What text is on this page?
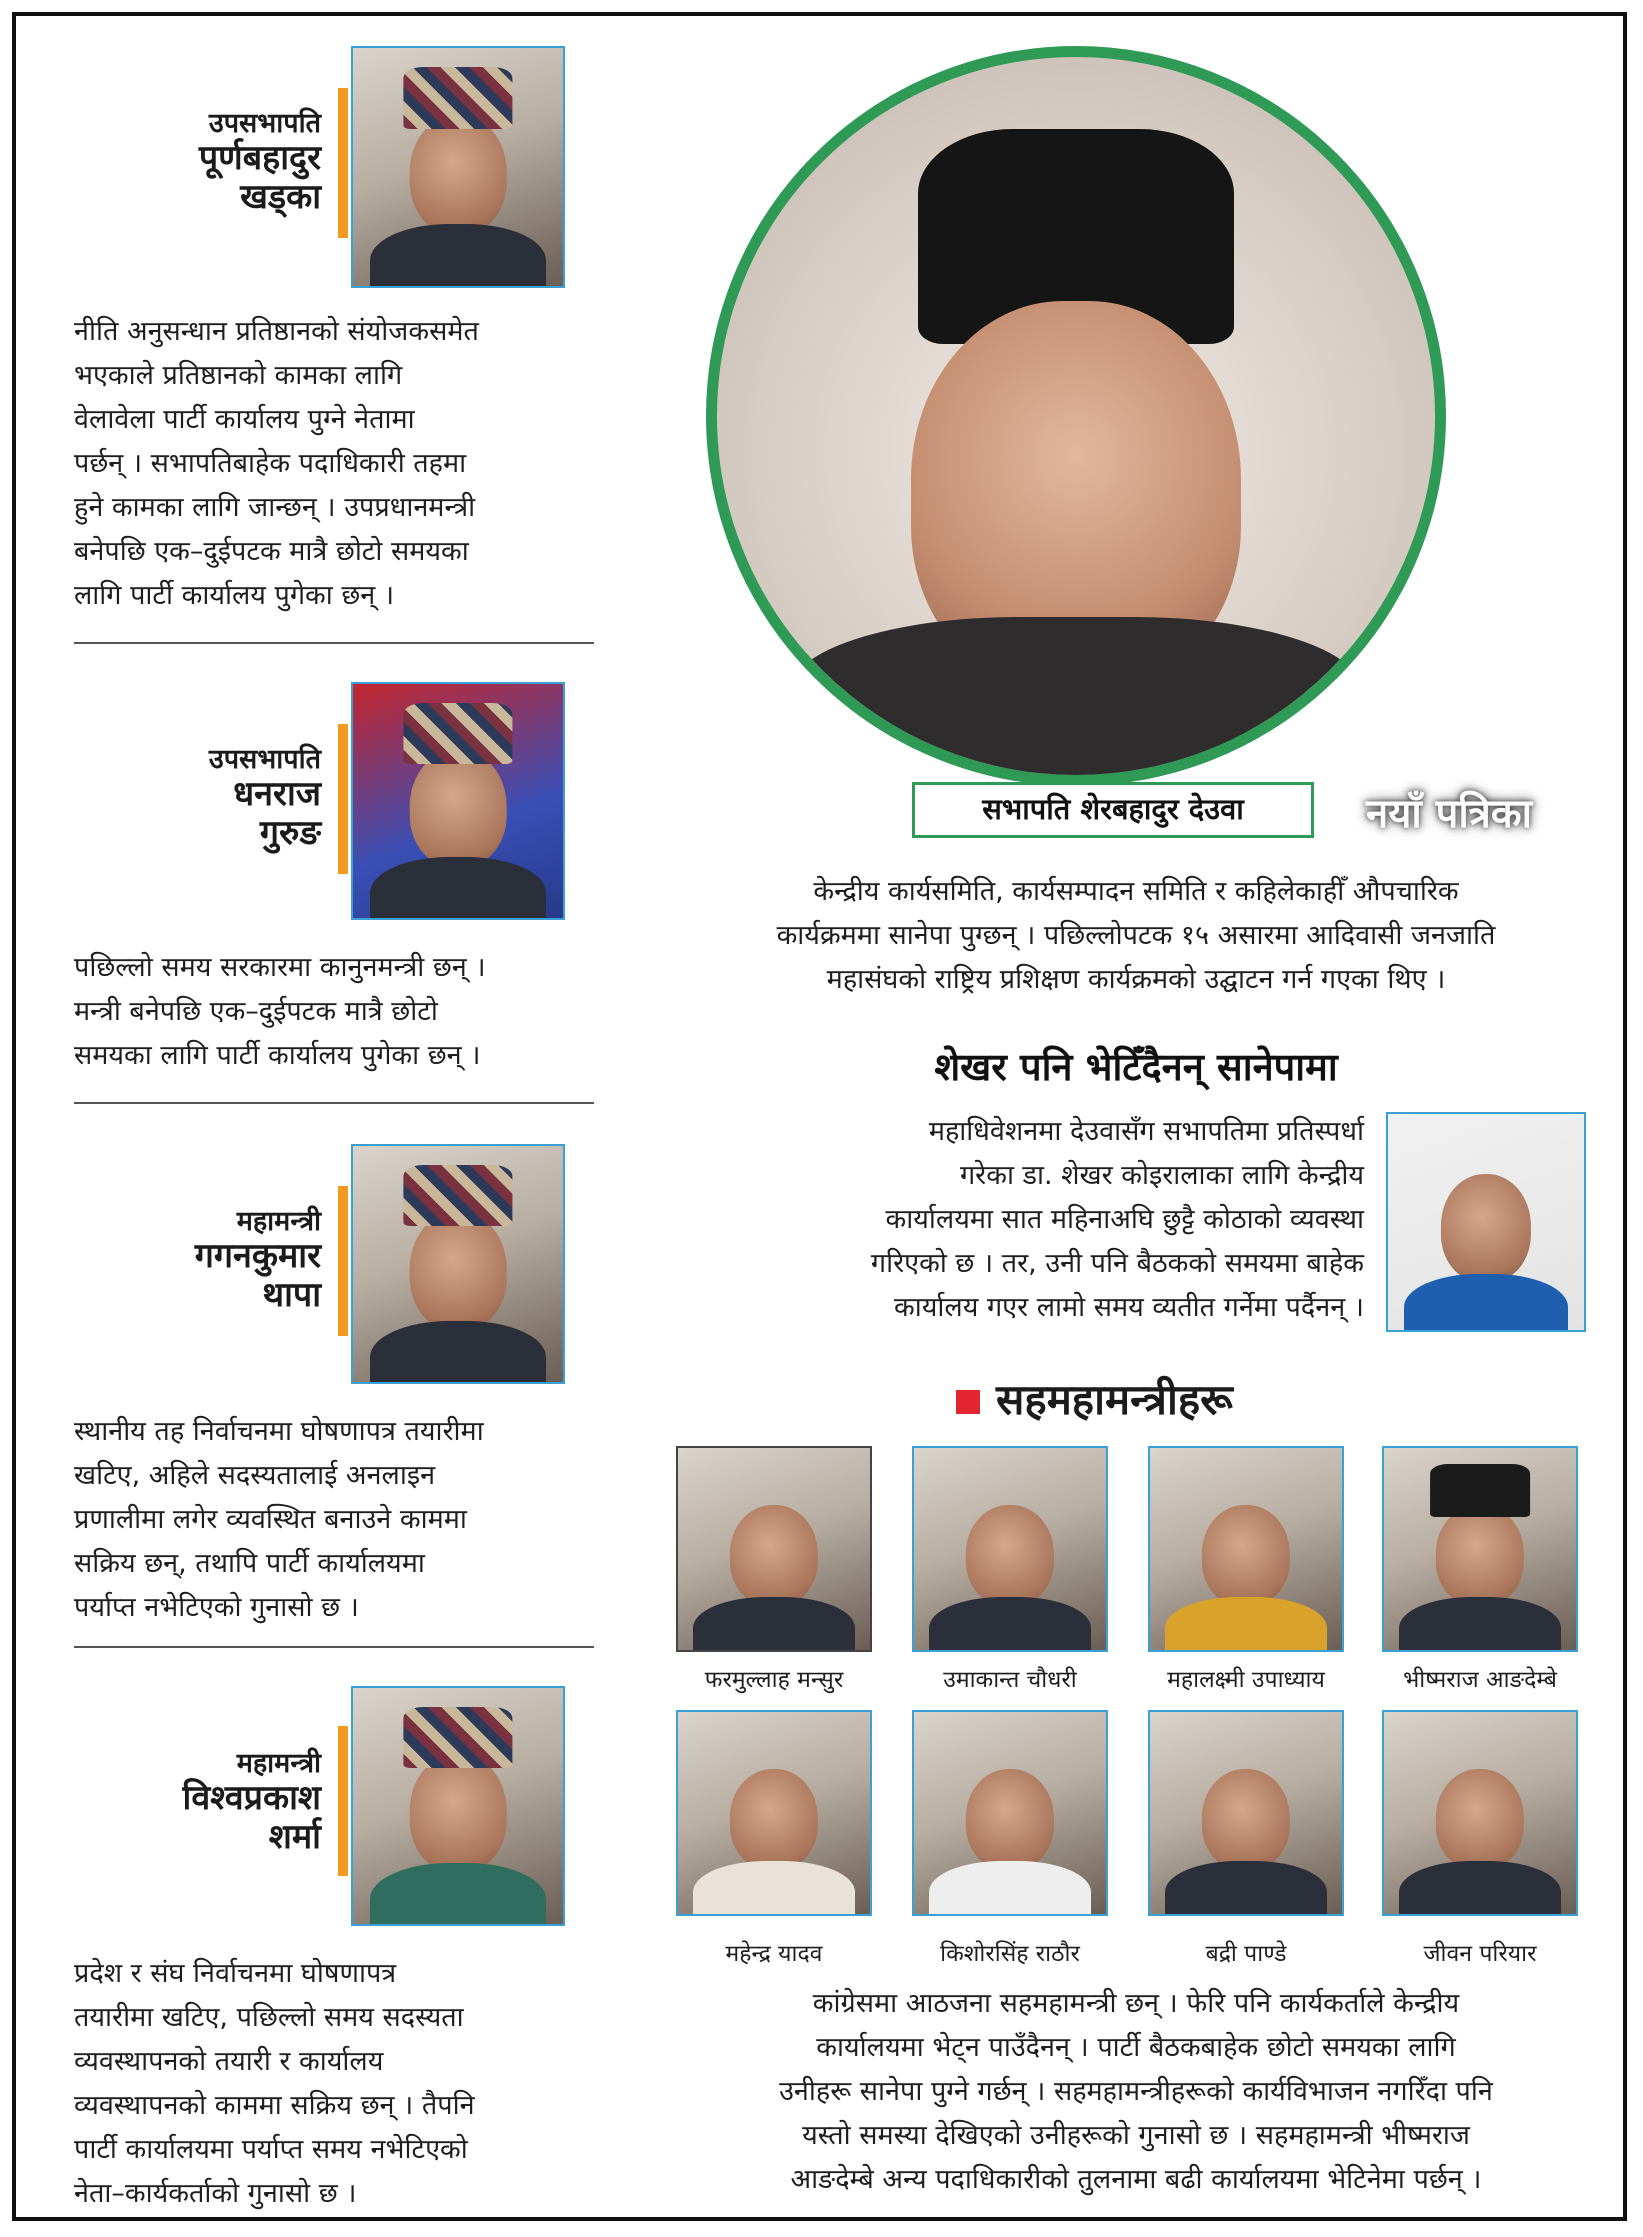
उपसभापति
पूर्णबहादुर
खड्का
नीति अनुसन्धान प्रतिष्ठानको संयोजकसमेत
भएकाले प्रतिष्ठानको कामका लागि
वेलावेला पार्टी कार्यालय पुग्ने नेतामा
पर्छन् । सभापतिबाहेक पदाधिकारी तहमा
हुने कामका लागि जान्छन् । उपप्रधानमन्त्री
बनेपछि एक–दुईपटक मात्रै छोटो समयका
लागि पार्टी कार्यालय पुगेका छन् ।
उपसभापति
धनराज
गुरुङ
पछिल्लो समय सरकारमा कानुनमन्त्री छन् ।
मन्त्री बनेपछि एक–दुईपटक मात्रै छोटो
समयका लागि पार्टी कार्यालय पुगेका छन् ।
महामन्त्री
गगनकुमार
थापा
स्थानीय तह निर्वाचनमा घोषणापत्र तयारीमा
खटिए, अहिले सदस्यतालाई अनलाइन
प्रणालीमा लगेर व्यवस्थित बनाउने काममा
सक्रिय छन्, तथापि पार्टी कार्यालयमा
पर्याप्त नभेटिएको गुनासो छ ।
महामन्त्री
विश्वप्रकाश
शर्मा
प्रदेश र संघ निर्वाचनमा घोषणापत्र
तयारीमा खटिए, पछिल्लो समय सदस्यता
व्यवस्थापनको तयारी र कार्यालय
व्यवस्थापनको काममा सक्रिय छन् । तैपनि
पार्टी कार्यालयमा पर्याप्त समय नभेटिएको
नेता–कार्यकर्ताको गुनासो छ ।
सभापति शेरबहादुर देउवा	नयाँ पत्रिका
केन्द्रीय कार्यसमिति, कार्यसम्पादन समिति र कहिलेकाहीँ औपचारिक
कार्यक्रममा सानेपा पुग्छन् । पछिल्लोपटक १५ असारमा आदिवासी जनजाति
महासंघको राष्ट्रिय प्रशिक्षण कार्यक्रमको उद्घाटन गर्न गएका थिए ।
शेखर पनि भेटिँदैनन् सानेपामा
महाधिवेशनमा देउवासँग सभापतिमा प्रतिस्पर्धा
गरेका डा. शेखर कोइरालाका लागि केन्द्रीय
कार्यालयमा सात महिनाअघि छुट्टै कोठाको व्यवस्था
गरिएको छ । तर, उनी पनि बैठकको समयमा बाहेक
कार्यालय गएर लामो समय व्यतीत गर्नेमा पर्दैनन् ।
सहमहामन्त्रीहरू
फरमुल्लाह मन्सुर	उमाकान्त चौधरी	महालक्ष्मी उपाध्याय	भीष्मराज आङदेम्बे
महेन्द्र यादव	किशोरसिंह राठौर	बद्री पाण्डे	जीवन परियार
कांग्रेसमा आठजना सहमहामन्त्री छन् । फेरि पनि कार्यकर्ताले केन्द्रीय
कार्यालयमा भेट्न पाउँदैनन् । पार्टी बैठकबाहेक छोटो समयका लागि
उनीहरू सानेपा पुग्ने गर्छन् । सहमहामन्त्रीहरूको कार्यविभाजन नगरिँदा पनि
यस्तो समस्या देखिएको उनीहरूको गुनासो छ । सहमहामन्त्री भीष्मराज
आङदेम्बे अन्य पदाधिकारीको तुलनामा बढी कार्यालयमा भेटिनेमा पर्छन् ।
